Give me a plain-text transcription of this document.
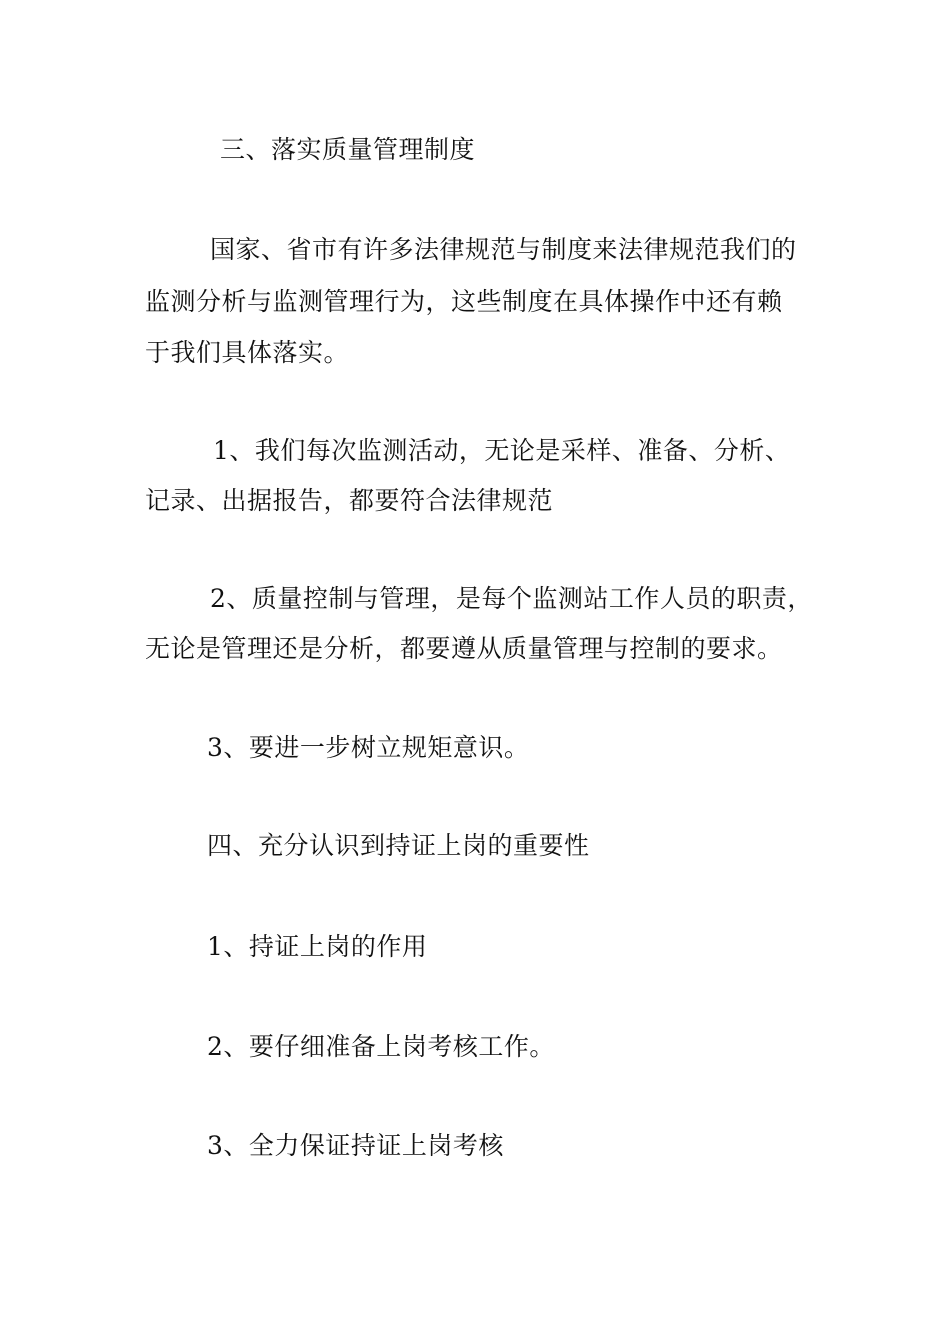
三、落实质量管理制度
国家、省市有许多法律规范与制度来法律规范我们的
监测分析与监测管理行为，这些制度在具体操作中还有赖
于我们具体落实。
1、我们每次监测活动，无论是采样、准备、分析、
记录、出据报告，都要符合法律规范
2、质量控制与管理，是每个监测站工作人员的职责，
无论是管理还是分析，都要遵从质量管理与控制的要求。
3、要进一步树立规矩意识。
四、充分认识到持证上岗的重要性
1、持证上岗的作用
2、要仔细准备上岗考核工作。
3、全力保证持证上岗考核
